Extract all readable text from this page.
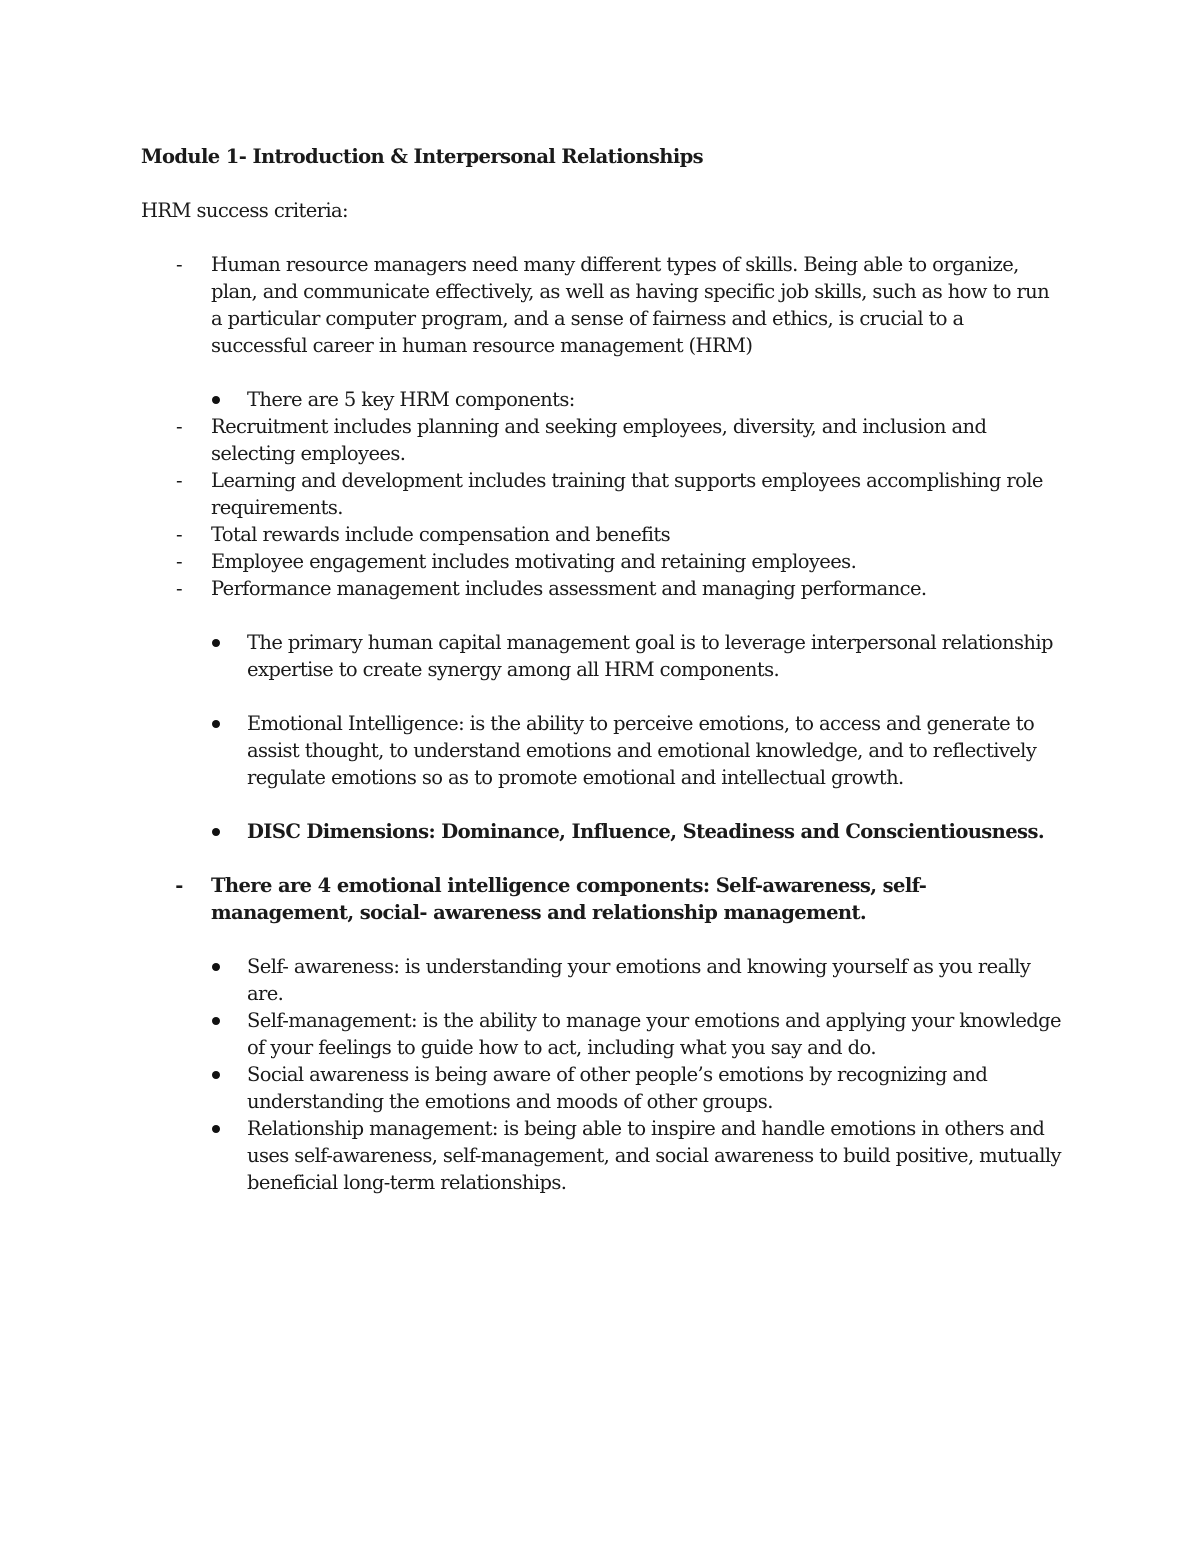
Module 1- Introduction & Interpersonal Relationships

HRM success criteria:

- Human resource managers need many different types of skills. Being able to organize, plan, and communicate effectively, as well as having specific job skills, such as how to run a particular computer program, and a sense of fairness and ethics, is crucial to a successful career in human resource management (HRM)
There are 5 key HRM components:
- Recruitment includes planning and seeking employees, diversity, and inclusion and selecting employees.
- Learning and development includes training that supports employees accomplishing role requirements.
- Total rewards include compensation and benefits
- Employee engagement includes motivating and retaining employees.
- Performance management includes assessment and managing performance.
The primary human capital management goal is to leverage interpersonal relationship expertise to create synergy among all HRM components.
Emotional Intelligence: is the ability to perceive emotions, to access and generate to assist thought, to understand emotions and emotional knowledge, and to reflectively regulate emotions so as to promote emotional and intellectual growth.
DISC Dimensions: Dominance, Influence, Steadiness and Conscientiousness.
- There are 4 emotional intelligence components: Self-awareness, self-management, social- awareness and relationship management.
Self- awareness: is understanding your emotions and knowing yourself as you really are.
Self-management: is the ability to manage your emotions and applying your knowledge of your feelings to guide how to act, including what you say and do.
Social awareness is being aware of other people’s emotions by recognizing and understanding the emotions and moods of other groups.
Relationship management: is being able to inspire and handle emotions in others and uses self-awareness, self-management, and social awareness to build positive, mutually beneficial long-term relationships.
